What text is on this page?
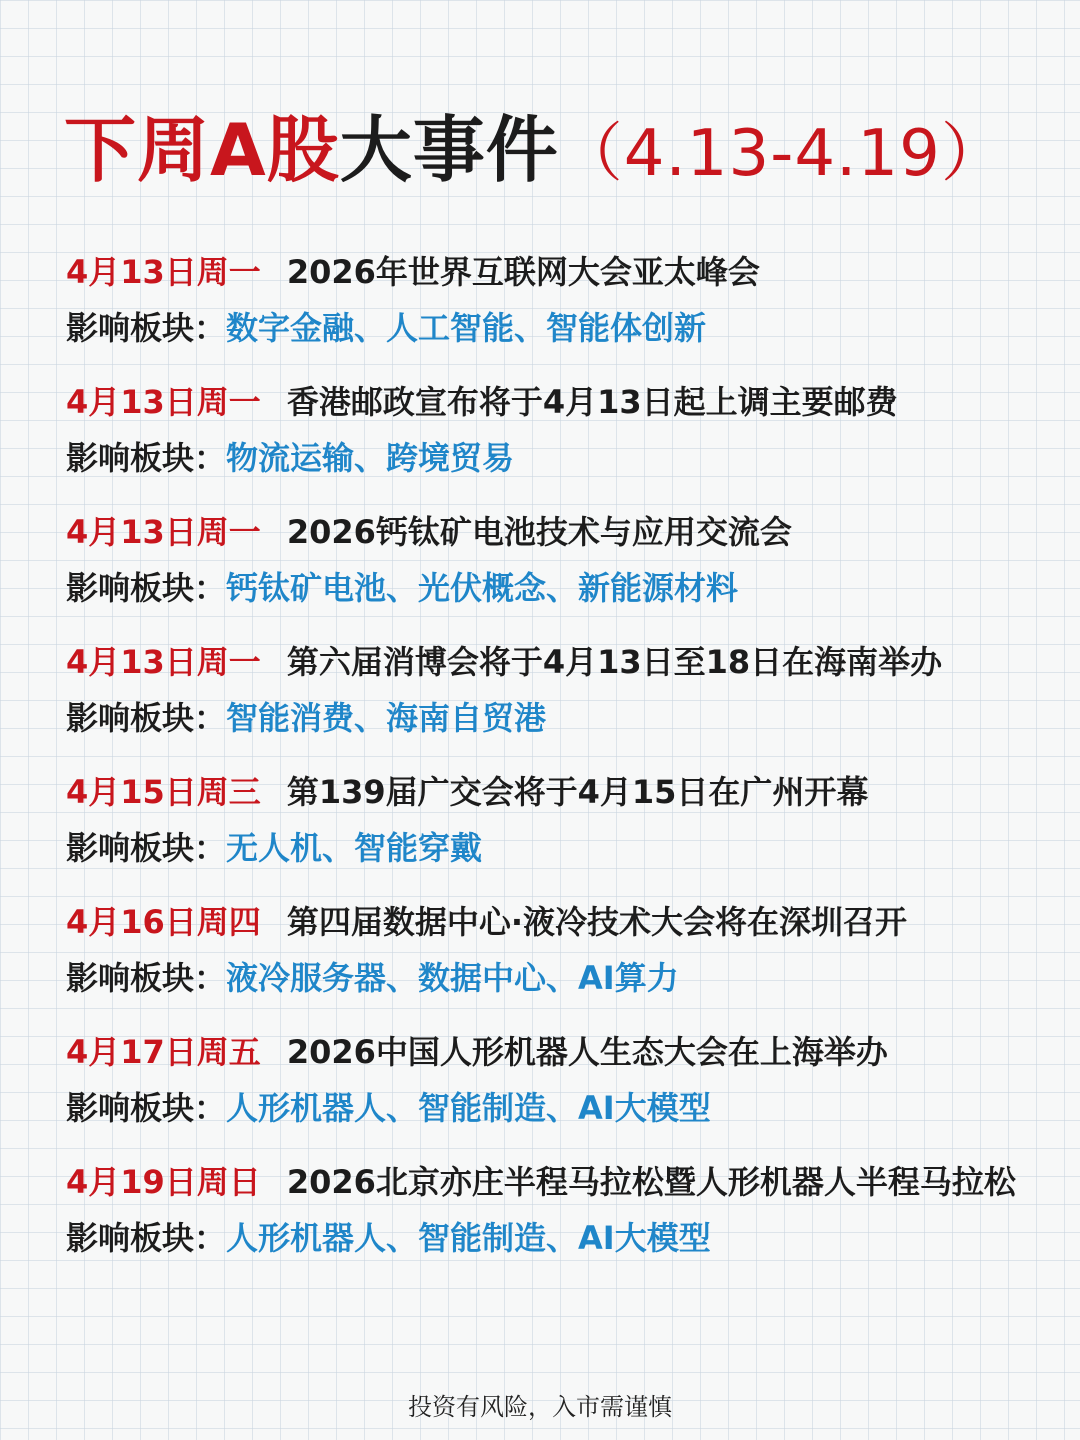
下周A股大事件（4.13-4.19）
4月13日周一 2026年世界互联网大会亚太峰会
影响板块：数字金融、人工智能、智能体创新
4月13日周一 香港邮政宣布将于4月13日起上调主要邮费
影响板块：物流运输、跨境贸易
4月13日周一 2026钙钛矿电池技术与应用交流会
影响板块：钙钛矿电池、光伏概念、新能源材料
4月13日周一 第六届消博会将于4月13日至18日在海南举办
影响板块：智能消费、海南自贸港
4月15日周三 第139届广交会将于4月15日在广州开幕
影响板块：无人机、智能穿戴
4月16日周四 第四届数据中心·液冷技术大会将在深圳召开
影响板块：液冷服务器、数据中心、AI算力
4月17日周五 2026中国人形机器人生态大会在上海举办
影响板块：人形机器人、智能制造、AI大模型
4月19日周日 2026北京亦庄半程马拉松暨人形机器人半程马拉松
影响板块：人形机器人、智能制造、AI大模型
投资有风险，入市需谨慎
